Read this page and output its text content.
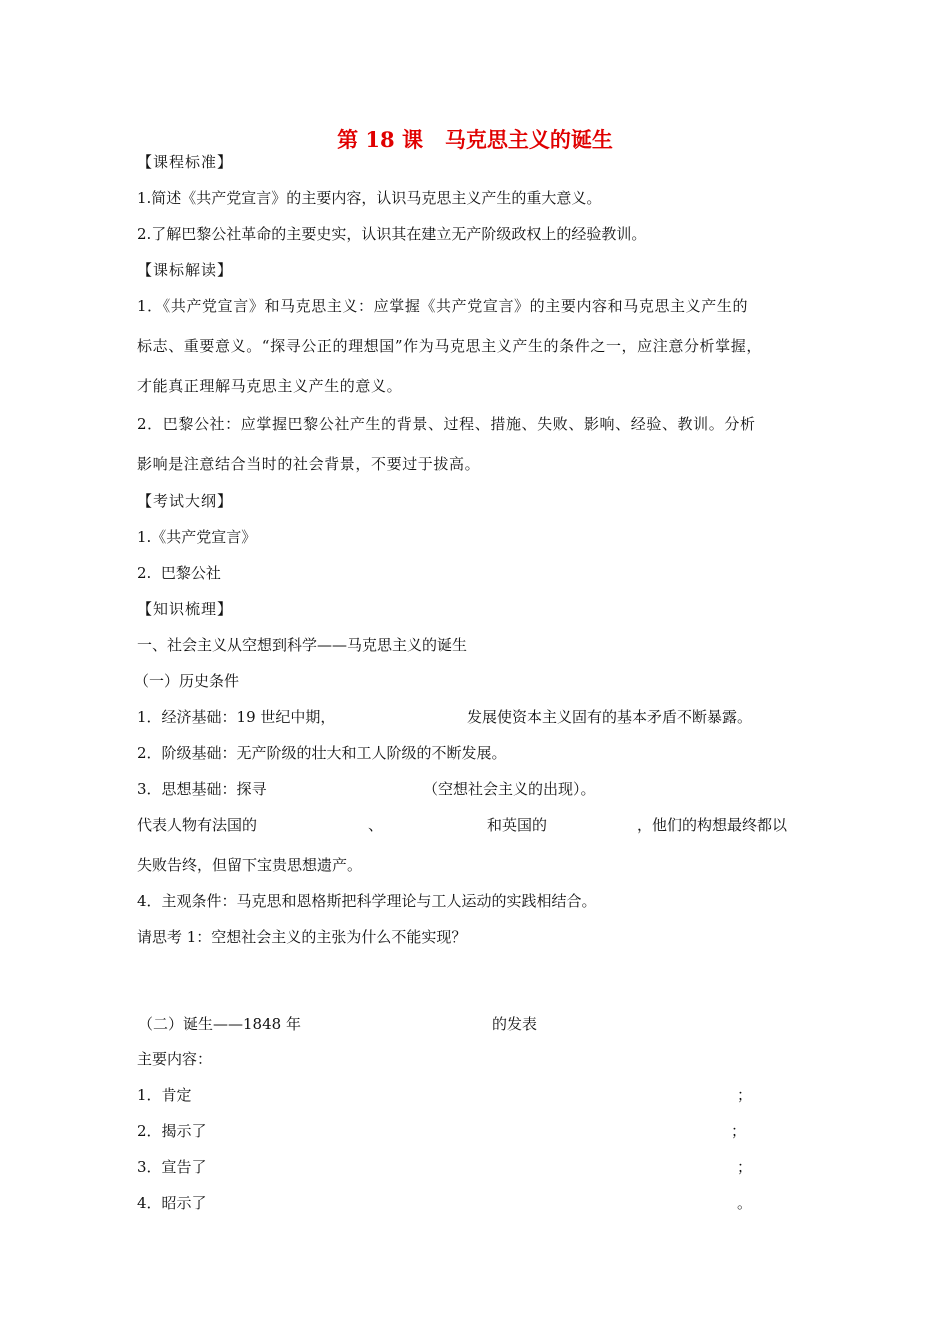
第 18 课   马克思主义的诞生
【课程标准】
1.简述《共产党宣言》的主要内容，认识马克思主义产生的重大意义。
2.了解巴黎公社革命的主要史实，认识其在建立无产阶级政权上的经验教训。
【课标解读】
1．《共产党宣言》和马克思主义：应掌握《共产党宣言》的主要内容和马克思主义产生的
标志、重要意义。“探寻公正的理想国”作为马克思主义产生的条件之一，应注意分析掌握，
才能真正理解马克思主义产生的意义。
2．巴黎公社：应掌握巴黎公社产生的背景、过程、措施、失败、影响、经验、教训。分析
影响是注意结合当时的社会背景，不要过于拔高。
【考试大纲】
1.《共产党宣言》
2.  巴黎公社
【知识梳理】
一、社会主义从空想到科学——马克思主义的诞生
（一）历史条件
1．经济基础：19 世纪中期，	发展使资本主义固有的基本矛盾不断暴露。
2．阶级基础：无产阶级的壮大和工人阶级的不断发展。
3．思想基础：探寻	（空想社会主义的出现）。
代表人物有法国的	、	和英国的	，他们的构想最终都以
失败告终，但留下宝贵思想遗产。
4．主观条件：马克思和恩格斯把科学理论与工人运动的实践相结合。
请思考 1：空想社会主义的主张为什么不能实现？
（二）诞生——1848 年	的发表
主要内容：
1．肯定	；
2．揭示了	；
3．宣告了	；
4．昭示了	。
